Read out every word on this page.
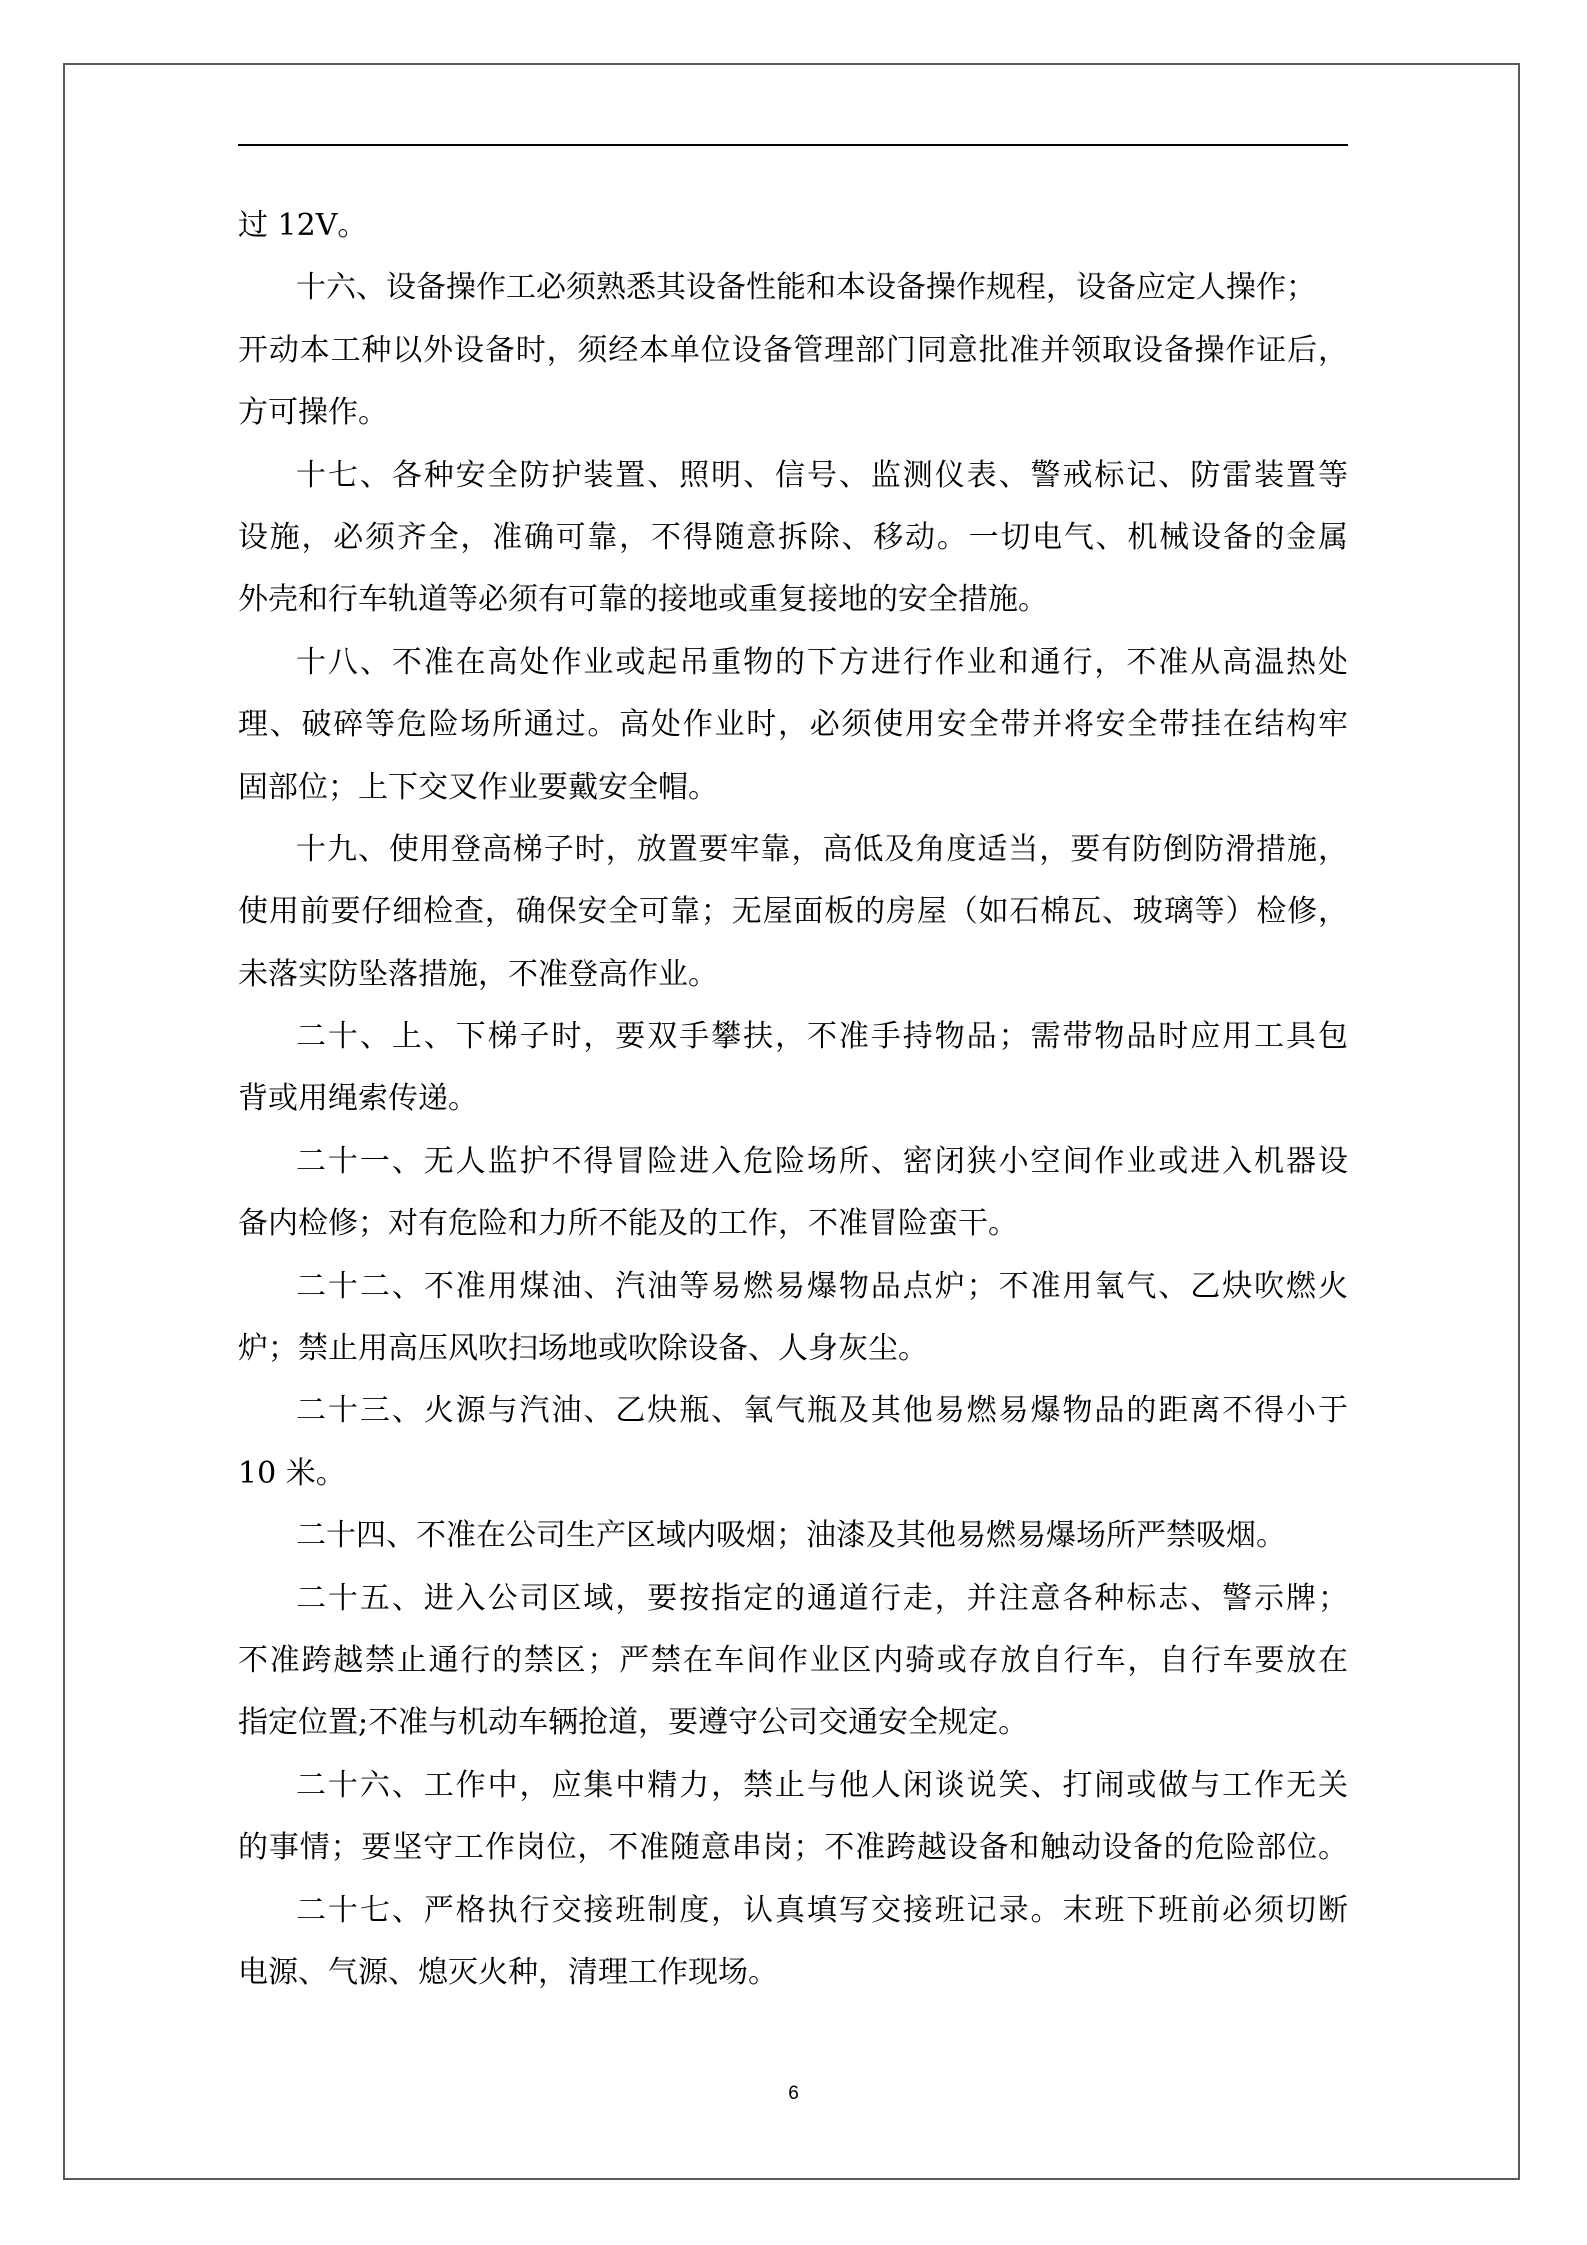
过 12V。
十六、设备操作工必须熟悉其设备性能和本设备操作规程，设备应定人操作；
开动本工种以外设备时，须经本单位设备管理部门同意批准并领取设备操作证后，
方可操作。
十七、各种安全防护装置、照明、信号、监测仪表、警戒标记、防雷装置等
设施，必须齐全，准确可靠，不得随意拆除、移动。一切电气、机械设备的金属
外壳和行车轨道等必须有可靠的接地或重复接地的安全措施。
十八、不准在高处作业或起吊重物的下方进行作业和通行，不准从高温热处
理、破碎等危险场所通过。高处作业时，必须使用安全带并将安全带挂在结构牢
固部位；上下交叉作业要戴安全帽。
十九、使用登高梯子时，放置要牢靠，高低及角度适当，要有防倒防滑措施，
使用前要仔细检查，确保安全可靠；无屋面板的房屋（如石棉瓦、玻璃等）检修，
未落实防坠落措施，不准登高作业。
二十、上、下梯子时，要双手攀扶，不准手持物品；需带物品时应用工具包
背或用绳索传递。
二十一、无人监护不得冒险进入危险场所、密闭狭小空间作业或进入机器设
备内检修；对有危险和力所不能及的工作，不准冒险蛮干。
二十二、不准用煤油、汽油等易燃易爆物品点炉；不准用氧气、乙炔吹燃火
炉；禁止用高压风吹扫场地或吹除设备、人身灰尘。
二十三、火源与汽油、乙炔瓶、氧气瓶及其他易燃易爆物品的距离不得小于
10 米。
二十四、不准在公司生产区域内吸烟；油漆及其他易燃易爆场所严禁吸烟。
二十五、进入公司区域，要按指定的通道行走，并注意各种标志、警示牌；
不准跨越禁止通行的禁区；严禁在车间作业区内骑或存放自行车，自行车要放在
指定位置;不准与机动车辆抢道，要遵守公司交通安全规定。
二十六、工作中，应集中精力，禁止与他人闲谈说笑、打闹或做与工作无关
的事情；要坚守工作岗位，不准随意串岗；不准跨越设备和触动设备的危险部位。
二十七、严格执行交接班制度，认真填写交接班记录。末班下班前必须切断
电源、气源、熄灭火种，清理工作现场。
6
